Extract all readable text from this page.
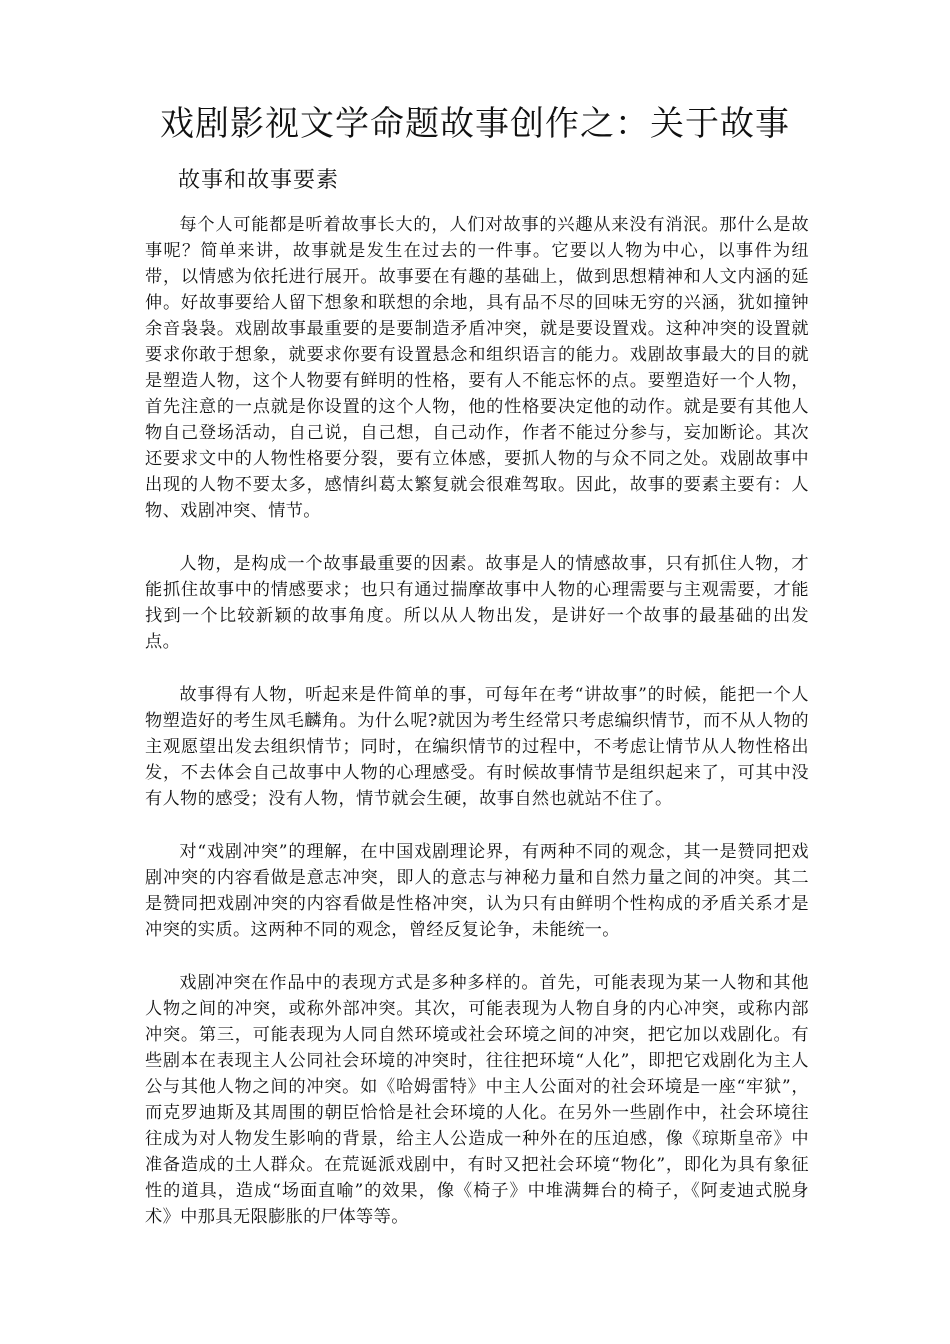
戏剧影视文学命题故事创作之：关于故事
故事和故事要素

每个人可能都是听着故事长大的，人们对故事的兴趣从来没有消泯。那什么是故事呢？简单来讲，故事就是发生在过去的一件事。它要以人物为中心，以事件为纽带，以情感为依托进行展开。故事要在有趣的基础上，做到思想精神和人文内涵的延伸。好故事要给人留下想象和联想的余地，具有品不尽的回味无穷的兴涵，犹如撞钟余音袅袅。戏剧故事最重要的是要制造矛盾冲突，就是要设置戏。这种冲突的设置就要求你敢于想象，就要求你要有设置悬念和组织语言的能力。戏剧故事最大的目的就是塑造人物，这个人物要有鲜明的性格，要有人不能忘怀的点。要塑造好一个人物，首先注意的一点就是你设置的这个人物，他的性格要决定他的动作。就是要有其他人物自己登场活动，自己说，自己想，自己动作，作者不能过分参与，妄加断论。其次还要求文中的人物性格要分裂，要有立体感，要抓人物的与众不同之处。戏剧故事中出现的人物不要太多，感情纠葛太繁复就会很难驾取。因此，故事的要素主要有：人物、戏剧冲突、情节。

人物，是构成一个故事最重要的因素。故事是人的情感故事，只有抓住人物，才能抓住故事中的情感要求；也只有通过揣摩故事中人物的心理需要与主观需要，才能找到一个比较新颖的故事角度。所以从人物出发，是讲好一个故事的最基础的出发点。

故事得有人物，听起来是件简单的事，可每年在考“讲故事”的时候，能把一个人物塑造好的考生凤毛麟角。为什么呢?就因为考生经常只考虑编织情节，而不从人物的主观愿望出发去组织情节；同时，在编织情节的过程中，不考虑让情节从人物性格出发，不去体会自己故事中人物的心理感受。有时候故事情节是组织起来了，可其中没有人物的感受；没有人物，情节就会生硬，故事自然也就站不住了。

对“戏剧冲突”的理解，在中国戏剧理论界，有两种不同的观念，其一是赞同把戏剧冲突的内容看做是意志冲突，即人的意志与神秘力量和自然力量之间的冲突。其二是赞同把戏剧冲突的内容看做是性格冲突，认为只有由鲜明个性构成的矛盾关系才是冲突的实质。这两种不同的观念，曾经反复论争，未能统一。

戏剧冲突在作品中的表现方式是多种多样的。首先，可能表现为某一人物和其他人物之间的冲突，或称外部冲突。其次，可能表现为人物自身的内心冲突，或称内部冲突。第三，可能表现为人同自然环境或社会环境之间的冲突，把它加以戏剧化。有些剧本在表现主人公同社会环境的冲突时，往往把环境“人化”，即把它戏剧化为主人公与其他人物之间的冲突。如《哈姆雷特》中主人公面对的社会环境是一座“牢狱”，而克罗迪斯及其周围的朝臣恰恰是社会环境的人化。在另外一些剧作中，社会环境往往成为对人物发生影响的背景，给主人公造成一种外在的压迫感，像《琼斯皇帝》中准备造成的土人群众。在荒诞派戏剧中，有时又把社会环境“物化”，即化为具有象征性的道具，造成“场面直喻”的效果，像《椅子》中堆满舞台的椅子，《阿麦迪式脱身术》中那具无限膨胀的尸体等等。
